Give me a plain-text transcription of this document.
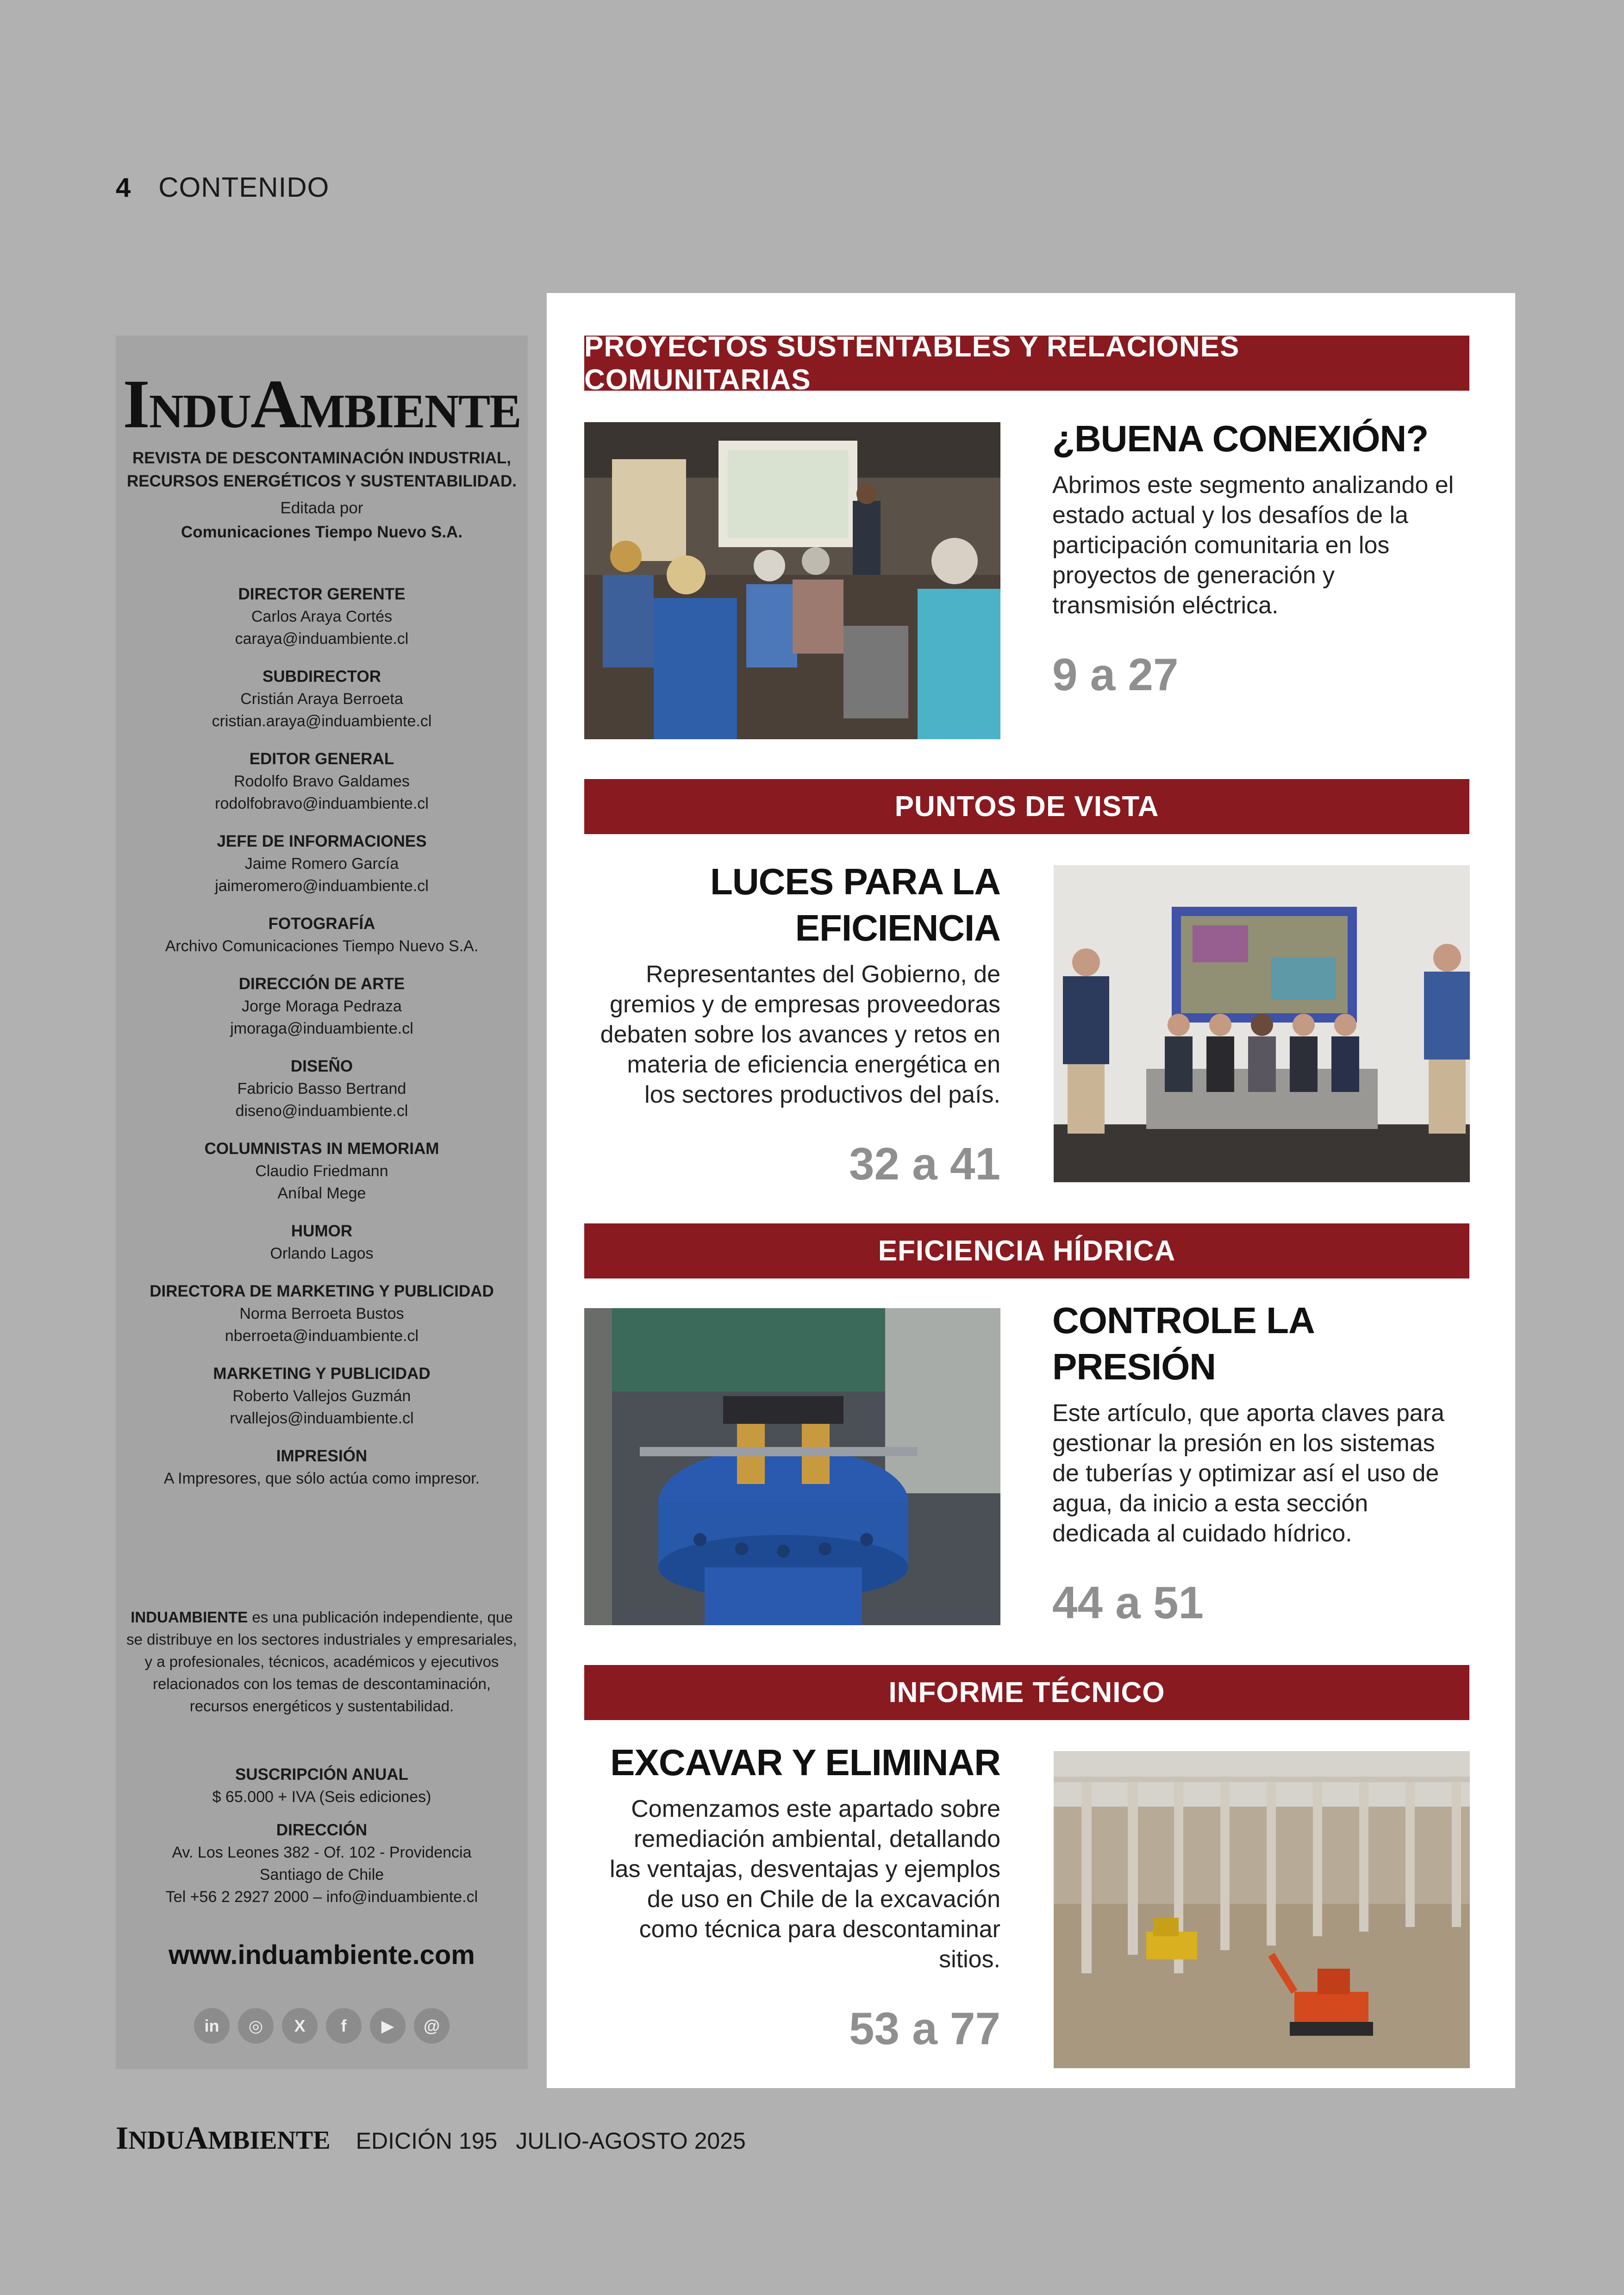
4 CONTENIDO
INDUAMBIENTE
REVISTA DE DESCONTAMINACIÓN INDUSTRIAL,
RECURSOS ENERGÉTICOS Y SUSTENTABILIDAD.
Editada por
Comunicaciones Tiempo Nuevo S.A.
DIRECTOR GERENTE
Carlos Araya Cortés
caraya@induambiente.cl
SUBDIRECTOR
Cristián Araya Berroeta
cristian.araya@induambiente.cl
EDITOR GENERAL
Rodolfo Bravo Galdames
rodolfobravo@induambiente.cl
JEFE DE INFORMACIONES
Jaime Romero García
jaimeromero@induambiente.cl
FOTOGRAFÍA
Archivo Comunicaciones Tiempo Nuevo S.A.
DIRECCIÓN DE ARTE
Jorge Moraga Pedraza
jmoraga@induambiente.cl
DISEÑO
Fabricio Basso Bertrand
diseno@induambiente.cl
COLUMNISTAS IN MEMORIAM
Claudio Friedmann
Aníbal Mege
HUMOR
Orlando Lagos
DIRECTORA DE MARKETING Y PUBLICIDAD
Norma Berroeta Bustos
nberroeta@induambiente.cl
MARKETING Y PUBLICIDAD
Roberto Vallejos Guzmán
rvallejos@induambiente.cl
IMPRESIÓN
A Impresores, que sólo actúa como impresor.
INDUAMBIENTE es una publicación independiente, que se distribuye en los sectores industriales y empresariales, y a profesionales, técnicos, académicos y ejecutivos relacionados con los temas de descontaminación, recursos energéticos y sustentabilidad.
SUSCRIPCIÓN ANUAL
$ 65.000 + IVA (Seis ediciones)
DIRECCIÓN
Av. Los Leones 382 - Of. 102 - Providencia
Santiago de Chile
Tel +56 2 2927 2000 – info@induambiente.cl
www.induambiente.com
in	◎	X	f	▶	@
PROYECTOS SUSTENTABLES Y RELACIONES COMUNITARIAS
¿BUENA CONEXIÓN?
Abrimos este segmento analizando el estado actual y los desafíos de la participación comunitaria en los proyectos de generación y transmisión eléctrica.
9 a 27
PUNTOS DE VISTA
LUCES PARA LA EFICIENCIA
Representantes del Gobierno, de gremios y de empresas proveedoras debaten sobre los avances y retos en materia de eficiencia energética en los sectores productivos del país.
32 a 41
EFICIENCIA HÍDRICA
CONTROLE LA PRESIÓN
Este artículo, que aporta claves para gestionar la presión en los sistemas de tuberías y optimizar así el uso de agua, da inicio a esta sección dedicada al cuidado hídrico.
44 a 51
INFORME TÉCNICO
EXCAVAR Y ELIMINAR
Comenzamos este apartado sobre remediación ambiental, detallando las ventajas, desventajas y ejemplos de uso en Chile de la excavación como técnica para descontaminar sitios.
53 a 77
INDUAMBIENTE EDICIÓN 195 JULIO-AGOSTO 2025
